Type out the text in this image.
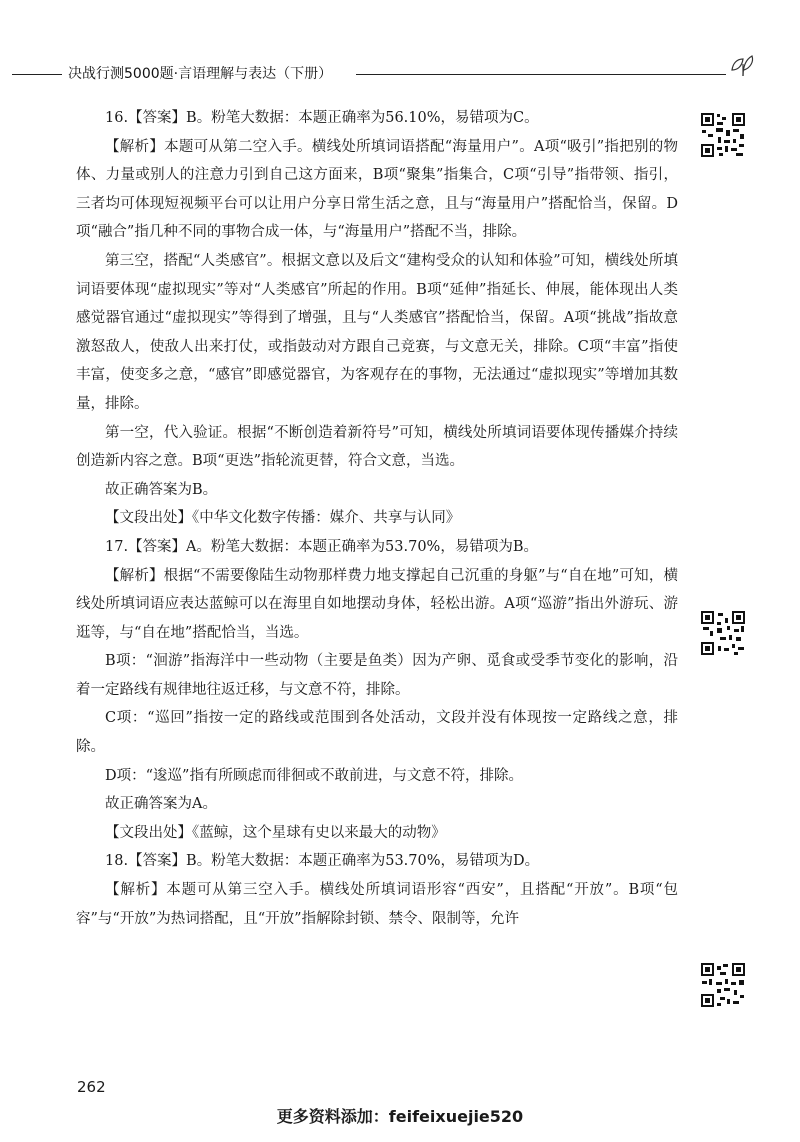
决战行测5000题·言语理解与表达（下册）

16.【答案】B。粉笔大数据：本题正确率为56.10%，易错项为C。

【解析】本题可从第二空入手。横线处所填词语搭配“海量用户”。A项“吸引”指把别的物体、力量或别人的注意力引到自己这方面来，B项“聚集”指集合，C项“引导”指带领、指引，三者均可体现短视频平台可以让用户分享日常生活之意，且与“海量用户”搭配恰当，保留。D项“融合”指几种不同的事物合成一体，与“海量用户”搭配不当，排除。

第三空，搭配“人类感官”。根据文意以及后文“建构受众的认知和体验”可知，横线处所填词语要体现“虚拟现实”等对“人类感官”所起的作用。B项“延伸”指延长、伸展，能体现出人类感觉器官通过“虚拟现实”等得到了增强，且与“人类感官”搭配恰当，保留。A项“挑战”指故意激怒敌人，使敌人出来打仗，或指鼓动对方跟自己竞赛，与文意无关，排除。C项“丰富”指使丰富，使变多之意，“感官”即感觉器官，为客观存在的事物，无法通过“虚拟现实”等增加其数量，排除。

第一空，代入验证。根据“不断创造着新符号”可知，横线处所填词语要体现传播媒介持续创造新内容之意。B项“更迭”指轮流更替，符合文意，当选。

故正确答案为B。

【文段出处】《中华文化数字传播：媒介、共享与认同》

17.【答案】A。粉笔大数据：本题正确率为53.70%，易错项为B。

【解析】根据“不需要像陆生动物那样费力地支撑起自己沉重的身躯”与“自在地”可知，横线处所填词语应表达蓝鲸可以在海里自如地摆动身体，轻松出游。A项“巡游”指出外游玩、游逛等，与“自在地”搭配恰当，当选。

B项：“洄游”指海洋中一些动物（主要是鱼类）因为产卵、觅食或受季节变化的影响，沿着一定路线有规律地往返迁移，与文意不符，排除。

C项：“巡回”指按一定的路线或范围到各处活动，文段并没有体现按一定路线之意，排除。

D项：“逡巡”指有所顾虑而徘徊或不敢前进，与文意不符，排除。

故正确答案为A。

【文段出处】《蓝鲸，这个星球有史以来最大的动物》

18.【答案】B。粉笔大数据：本题正确率为53.70%，易错项为D。

【解析】本题可从第三空入手。横线处所填词语形容“西安”，且搭配“开放”。B项“包容”与“开放”为热词搭配，且“开放”指解除封锁、禁令、限制等，允许

262
更多资料添加：feifeixuejie520
